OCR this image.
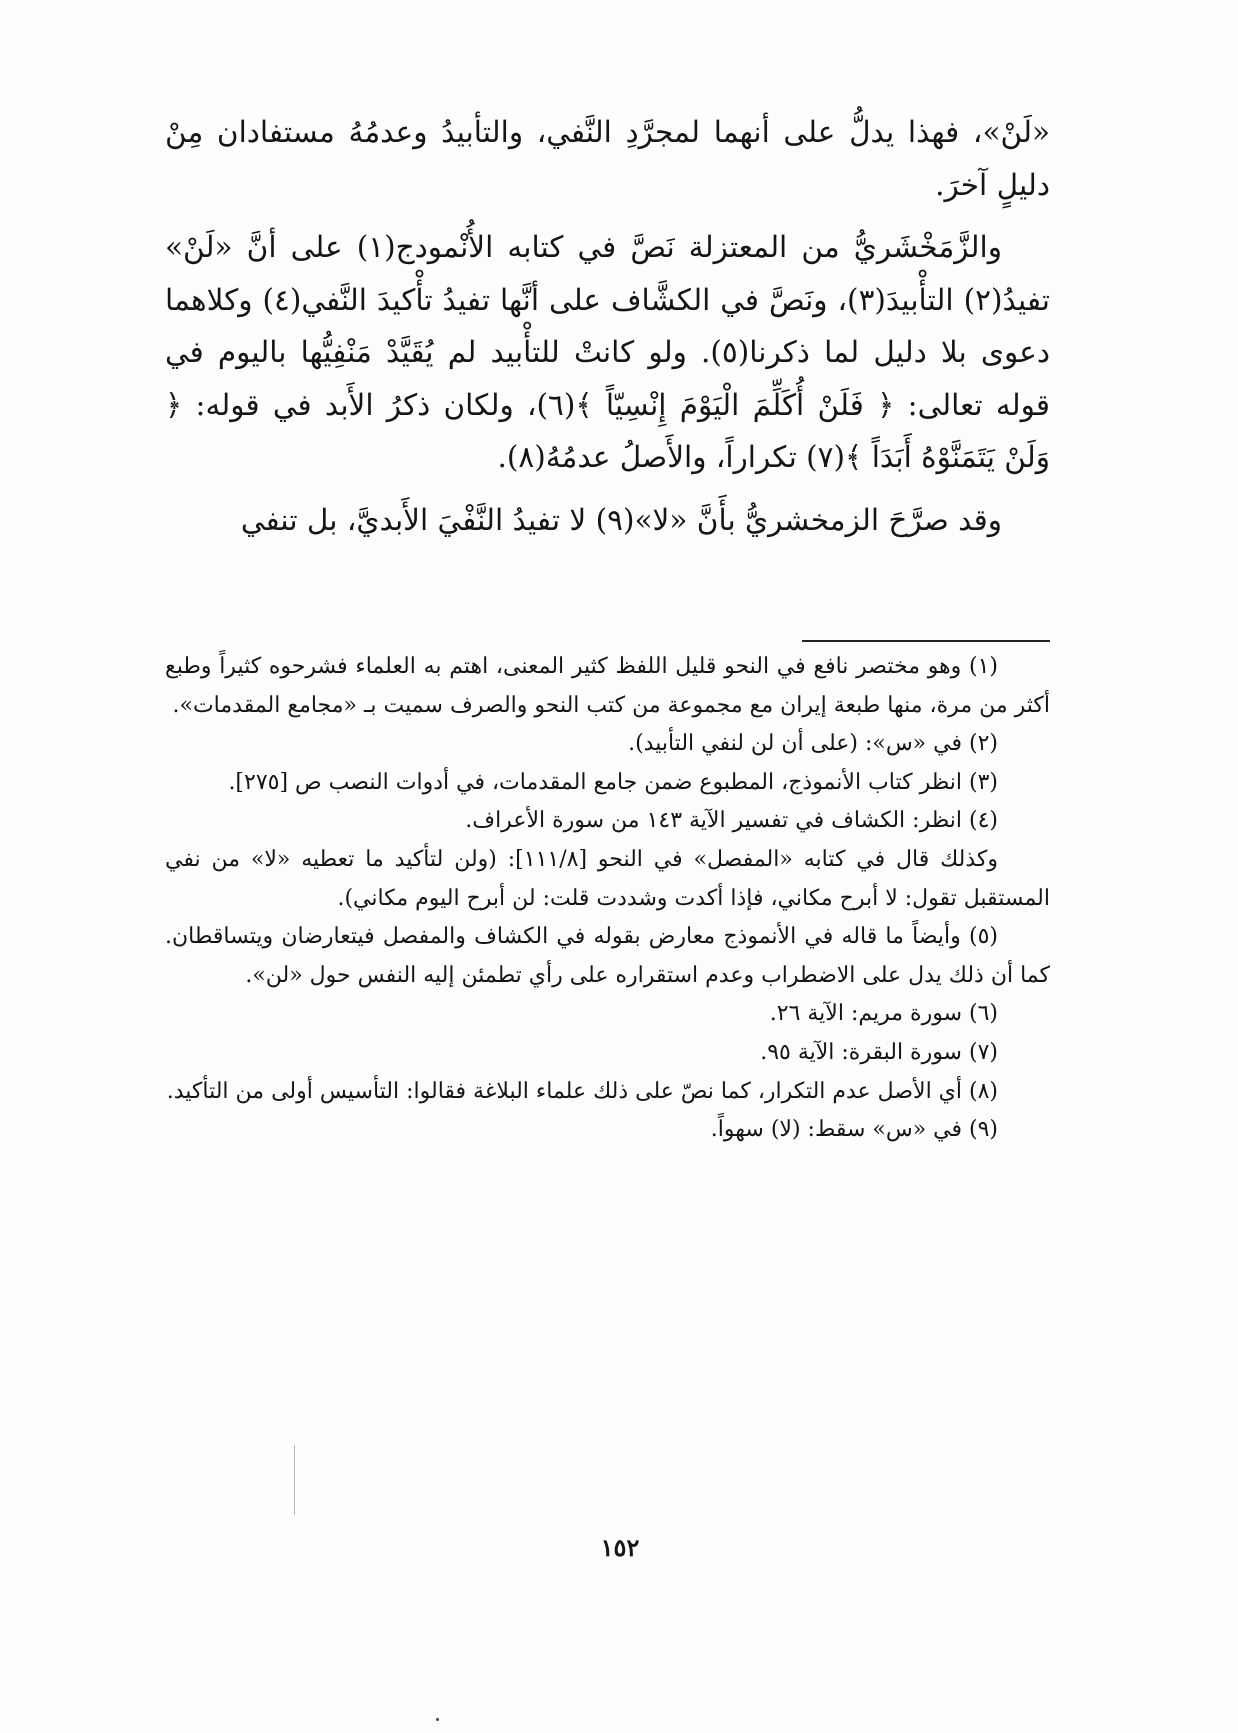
«لَنْ»، فهذا يدلُّ على أنهما لمجرَّدِ النَّفي، والتأبيدُ وعدمُهُ مستفادان مِنْ دليلٍ آخرَ.

والزَّمَخْشَريُّ من المعتزلة نَصَّ في كتابه الأُنْمودج(١) على أنَّ «لَنْ» تفيدُ(٢) التأْبيدَ(٣)، ونَصَّ في الكشَّاف على أنَّها تفيدُ تأْكيدَ النَّفي(٤) وكلاهما دعوى بلا دليل لما ذكرنا(٥). ولو كانتْ للتأْبيد لم يُقَيَّدْ مَنْفِيُّها باليوم في قوله تعالى: ﴿ فَلَنْ أُكَلِّمَ الْيَوْمَ إِنْسِيّاً ﴾(٦)، ولكان ذكرُ الأَبد في قوله: ﴿ وَلَنْ يَتَمَنَّوْهُ أَبَدَاً ﴾(٧) تكراراً، والأَصلُ عدمُهُ(٨).

وقد صرَّحَ الزمخشريُّ بأَنَّ «لا»(٩) لا تفيدُ النَّفْيَ الأَبديَّ، بل تنفي

(١) وهو مختصر نافع في النحو قليل اللفظ كثير المعنى، اهتم به العلماء فشرحوه كثيراً وطبع أكثر من مرة، منها طبعة إيران مع مجموعة من كتب النحو والصرف سميت بـ «مجامع المقدمات».

(٢) في «س»: (على أن لن لنفي التأبيد).

(٣) انظر كتاب الأنموذج، المطبوع ضمن جامع المقدمات، في أدوات النصب ص [٢٧٥].

(٤) انظر: الكشاف في تفسير الآية ١٤٣ من سورة الأعراف.

وكذلك قال في كتابه «المفصل» في النحو [١١١/٨]: (ولن لتأكيد ما تعطيه «لا» من نفي المستقبل تقول: لا أبرح مكاني، فإذا أكدت وشددت قلت: لن أبرح اليوم مكاني).

(٥) وأيضاً ما قاله في الأنموذج معارض بقوله في الكشاف والمفصل فيتعارضان ويتساقطان. كما أن ذلك يدل على الاضطراب وعدم استقراره على رأي تطمئن إليه النفس حول «لن».

(٦) سورة مريم: الآية ٢٦.

(٧) سورة البقرة: الآية ٩٥.

(٨) أي الأصل عدم التكرار، كما نصّ على ذلك علماء البلاغة فقالوا: التأسيس أولى من التأكيد.

(٩) في «س» سقط: (لا) سهواً.

١٥٢
